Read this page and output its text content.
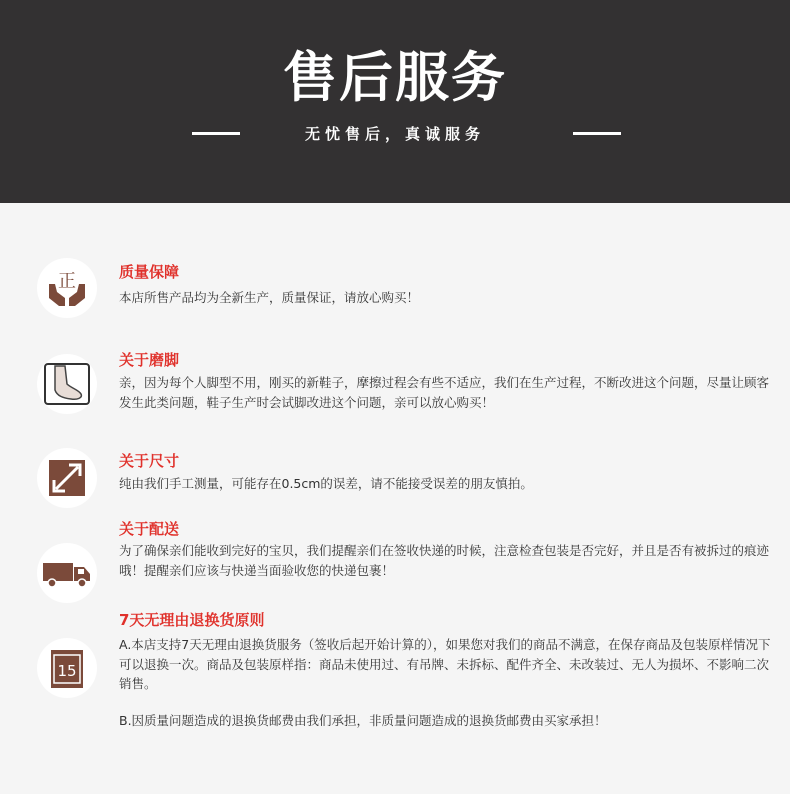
售后服务
无忧售后，真诚服务
正	质量保障
本店所售产品均为全新生产，质量保证，请放心购买！
关于磨脚
亲，因为每个人脚型不用，刚买的新鞋子，摩擦过程会有些不适应，我们在生产过程，不断改进这个问题，尽量让顾客发生此类问题，鞋子生产时会试脚改进这个问题，亲可以放心购买！
关于尺寸
纯由我们手工测量，可能存在0.5cm的误差，请不能接受误差的朋友慎拍。
关于配送
为了确保亲们能收到完好的宝贝，我们提醒亲们在签收快递的时候，注意检查包装是否完好，并且是否有被拆过的痕迹哦！提醒亲们应该与快递当面验收您的快递包裹！
15
7天无理由退换货原则
A.本店支持7天无理由退换货服务（签收后起开始计算的），如果您对我们的商品不满意，在保存商品及包装原样情况下可以退换一次。商品及包装原样指：商品未使用过、有吊牌、未拆标、配件齐全、未改装过、无人为损坏、不影响二次销售。
B.因质量问题造成的退换货邮费由我们承担，非质量问题造成的退换货邮费由买家承担！
